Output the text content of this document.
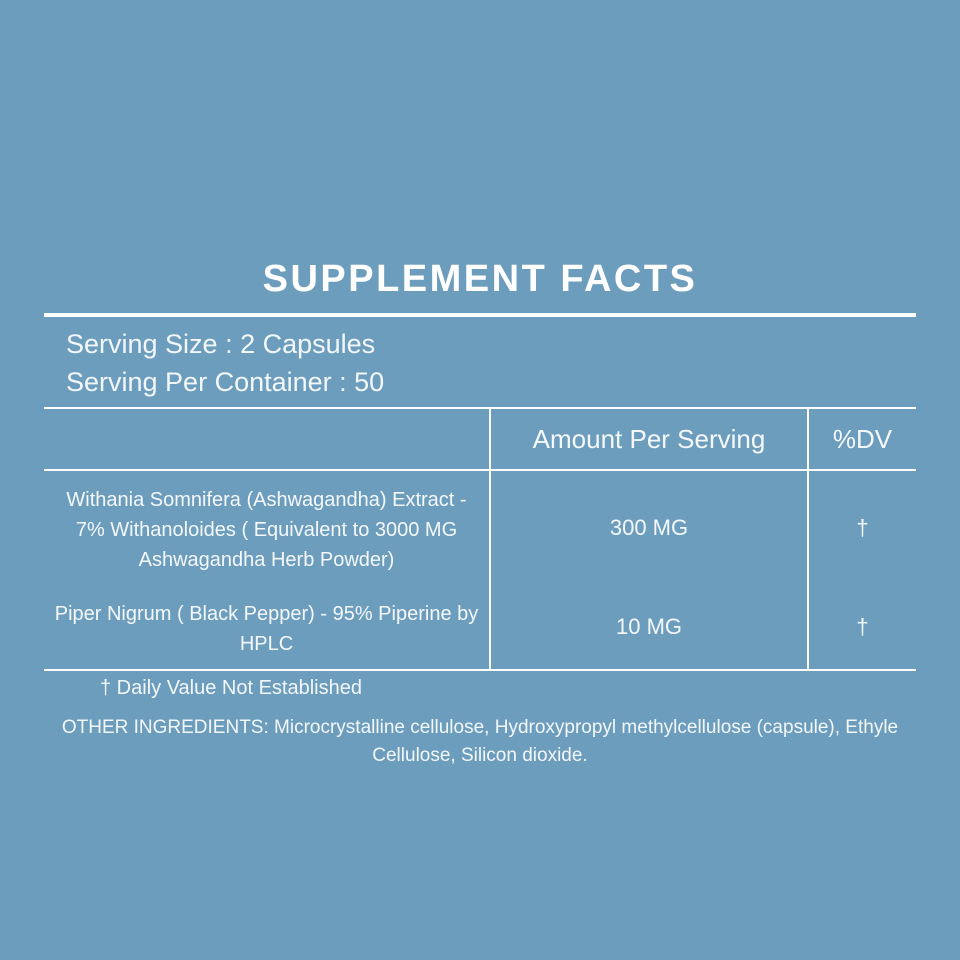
SUPPLEMENT FACTS
Serving Size : 2 Capsules
Serving Per Container : 50
	Amount Per Serving	%DV
Withania Somnifera (Ashwagandha) Extract - 7% Withanoloides ( Equivalent to 3000 MG Ashwagandha Herb Powder)	300 MG	†
Piper Nigrum ( Black Pepper) - 95% Piperine by HPLC	10 MG	†
† Daily Value Not Established
OTHER INGREDIENTS: Microcrystalline cellulose, Hydroxypropyl methylcellulose (capsule), Ethyle Cellulose, Silicon dioxide.
